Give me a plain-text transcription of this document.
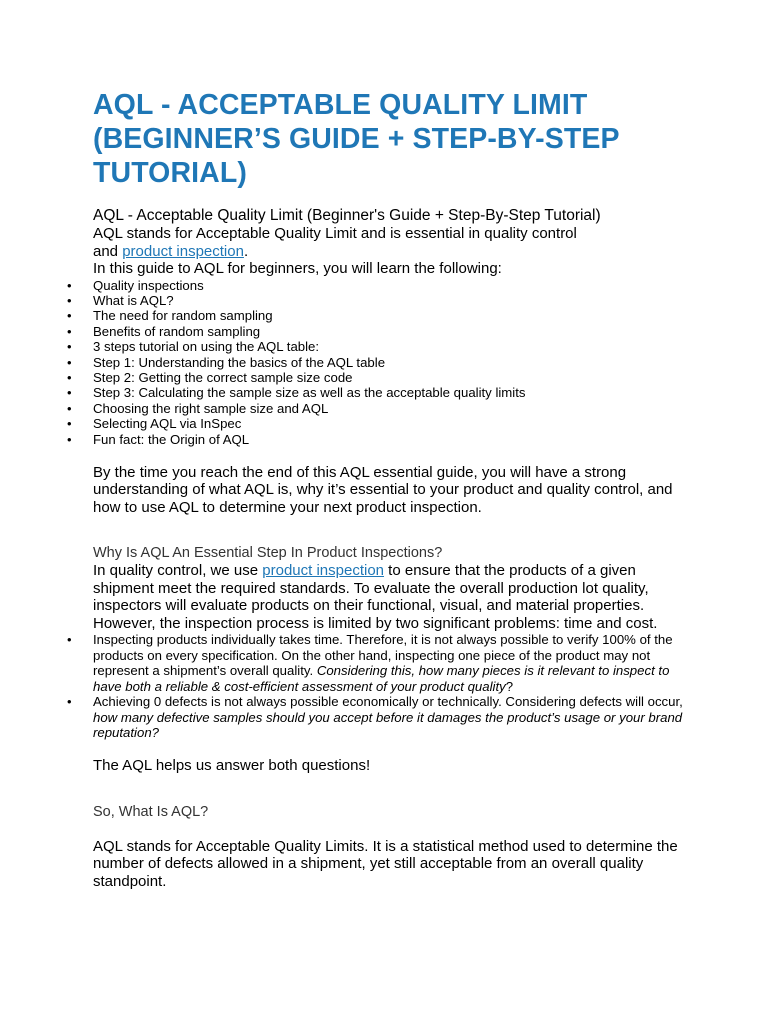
AQL - ACCEPTABLE QUALITY LIMIT (BEGINNER’S GUIDE + STEP-BY-STEP TUTORIAL)

AQL - Acceptable Quality Limit (Beginner's Guide + Step-By-Step Tutorial)

AQL stands for Acceptable Quality Limit and is essential in quality control

and product inspection.

In this guide to AQL for beginners, you will learn the following:

• Quality inspections
• What is AQL?
• The need for random sampling
• Benefits of random sampling
• 3 steps tutorial on using the AQL table:
• Step 1: Understanding the basics of the AQL table
• Step 2: Getting the correct sample size code
• Step 3: Calculating the sample size as well as the acceptable quality limits
• Choosing the right sample size and AQL
• Selecting AQL via InSpec
• Fun fact: the Origin of AQL

By the time you reach the end of this AQL essential guide, you will have a strong understanding of what AQL is, why it’s essential to your product and quality control, and how to use AQL to determine your next product inspection.

Why Is AQL An Essential Step In Product Inspections?

In quality control, we use product inspection to ensure that the products of a given shipment meet the required standards. To evaluate the overall production lot quality, inspectors will evaluate products on their functional, visual, and material properties. However, the inspection process is limited by two significant problems: time and cost.

• Inspecting products individually takes time. Therefore, it is not always possible to verify 100% of the products on every specification. On the other hand, inspecting one piece of the product may not represent a shipment’s overall quality. Considering this, how many pieces is it relevant to inspect to have both a reliable & cost-efficient assessment of your product quality?
• Achieving 0 defects is not always possible economically or technically. Considering defects will occur, how many defective samples should you accept before it damages the product’s usage or your brand reputation?

The AQL helps us answer both questions!

So, What Is AQL?

AQL stands for Acceptable Quality Limits. It is a statistical method used to determine the number of defects allowed in a shipment, yet still acceptable from an overall quality standpoint.
